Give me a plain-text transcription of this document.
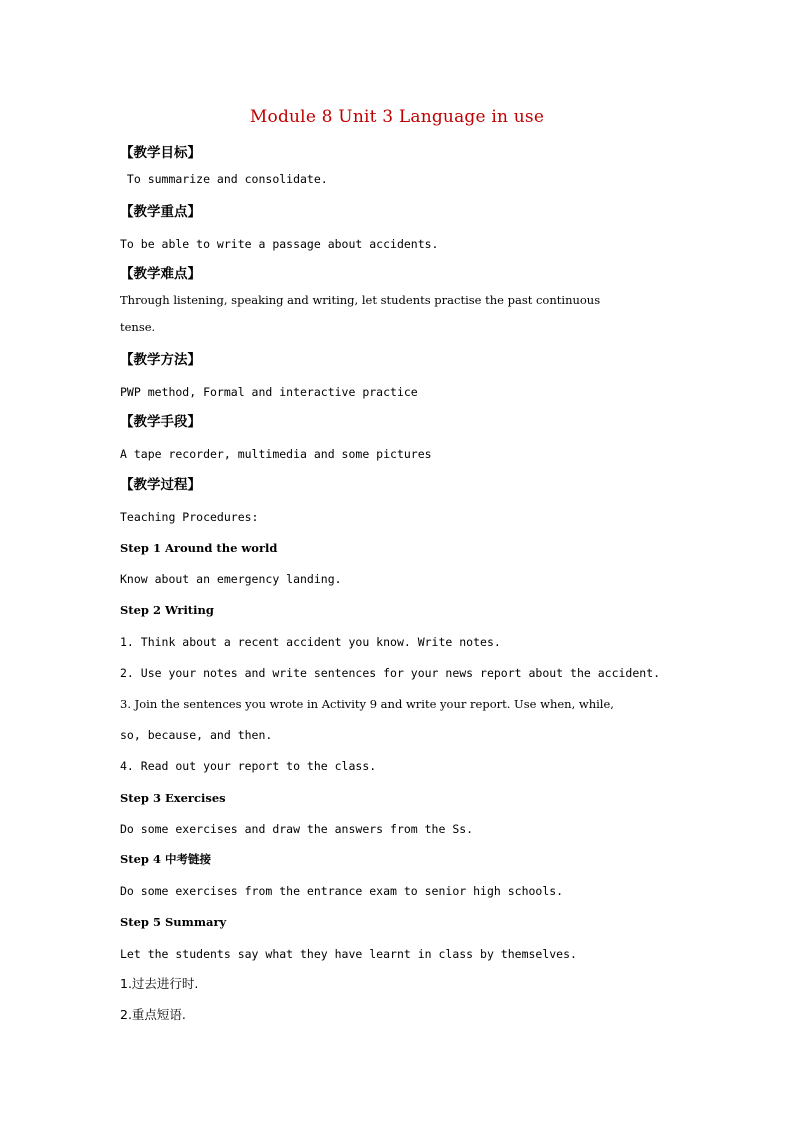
Module 8 Unit 3 Language in use
【教学目标】
To summarize and consolidate.
【教学重点】
To be able to write a passage about accidents.
【教学难点】
Through listening, speaking and writing, let students practise the past continuous
tense.
【教学方法】
PWP method, Formal and interactive practice
【教学手段】
A tape recorder, multimedia and some pictures
【教学过程】
Teaching Procedures:
Step 1 Around the world
Know about an emergency landing.
Step 2 Writing
1. Think about a recent accident you know. Write notes.
2. Use your notes and write sentences for your news report about the accident.
3. Join the sentences you wrote in Activity 9 and write your report. Use when, while,
so, because, and then.
4. Read out your report to the class.
Step 3 Exercises
Do some exercises and draw the answers from the Ss.
Step 4 中考链接
Do some exercises from the entrance exam to senior high schools.
Step 5 Summary
Let the students say what they have learnt in class by themselves.
1.过去进行时.
2.重点短语.
